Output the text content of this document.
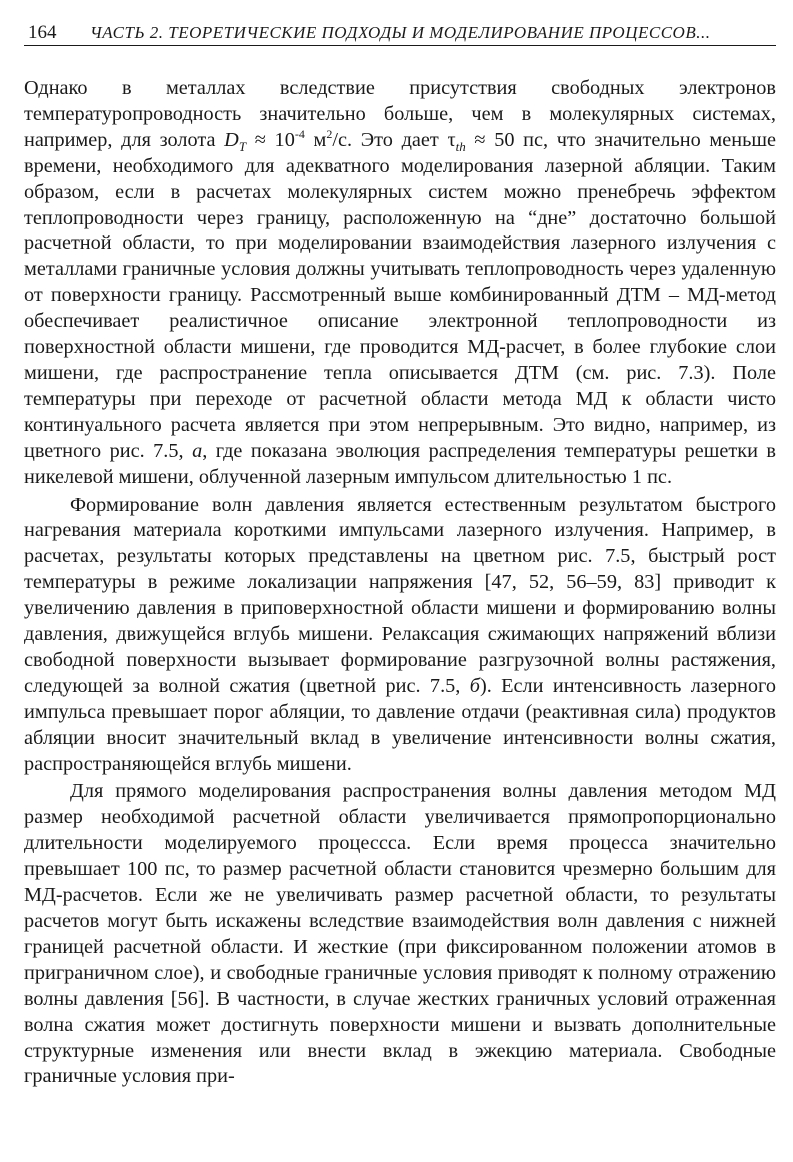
164	ЧАСТЬ 2. ТЕОРЕТИЧЕСКИЕ ПОДХОДЫ И МОДЕЛИРОВАНИЕ ПРОЦЕССОВ...

Однако в металлах вследствие присутствия свободных электронов температуропроводность значительно больше, чем в молекулярных системах, например, для золота $D_T \approx 10^{-4}$ $м^2/с$. Это дает $\tau_{th} \approx 50$ пс, что значительно меньше времени, необходимого для адекватного моделирования лазерной абляции. Таким образом, если в расчетах молекулярных систем можно пренебречь эффектом теплопроводности через границу, расположенную на “дне” достаточно большой расчетной области, то при моделировании взаимодействия лазерного излучения с металлами граничные условия должны учитывать теплопроводность через удаленную от поверхности границу. Рассмотренный выше комбинированный ДТМ – МД-метод обеспечивает реалистичное описание электронной теплопроводности из поверхностной области мишени, где проводится МД-расчет, в более глубокие слои мишени, где распространение тепла описывается ДТМ (см. рис. 7.3). Поле температуры при переходе от расчетной области метода МД к области чисто континуального расчета является при этом непрерывным. Это видно, например, из цветного рис. 7.5, а, где показана эволюция распределения температуры решетки в никелевой мишени, облученной лазерным импульсом длительностью 1 пс.

Формирование волн давления является естественным результатом быстрого нагревания материала короткими импульсами лазерного излучения. Например, в расчетах, результаты которых представлены на цветном рис. 7.5, быстрый рост температуры в режиме локализации напряжения [47, 52, 56–59, 83] приводит к увеличению давления в приповерхностной области мишени и формированию волны давления, движущейся вглубь мишени. Релаксация сжимающих напряжений вблизи свободной поверхности вызывает формирование разгрузочной волны растяжения, следующей за волной сжатия (цветной рис. 7.5, б). Если интенсивность лазерного импульса превышает порог абляции, то давление отдачи (реактивная сила) продуктов абляции вносит значительный вклад в увеличение интенсивности волны сжатия, распространяющейся вглубь мишени.

Для прямого моделирования распространения волны давления методом МД размер необходимой расчетной области увеличивается прямопропорционально длительности моделируемого процессса. Если время процесса значительно превышает 100 пс, то размер расчетной области становится чрезмерно большим для МД-расчетов. Если же не увеличивать размер расчетной области, то результаты расчетов могут быть искажены вследствие взаимодействия волн давления с нижней границей расчетной области. И жесткие (при фиксированном положении атомов в приграничном слое), и свободные граничные условия приводят к полному отражению волны давления [56]. В частности, в случае жестких граничных условий отраженная волна сжатия может достигнуть поверхности мишени и вызвать дополнительные структурные изменения или внести вклад в эжекцию материала. Свободные граничные условия при-
